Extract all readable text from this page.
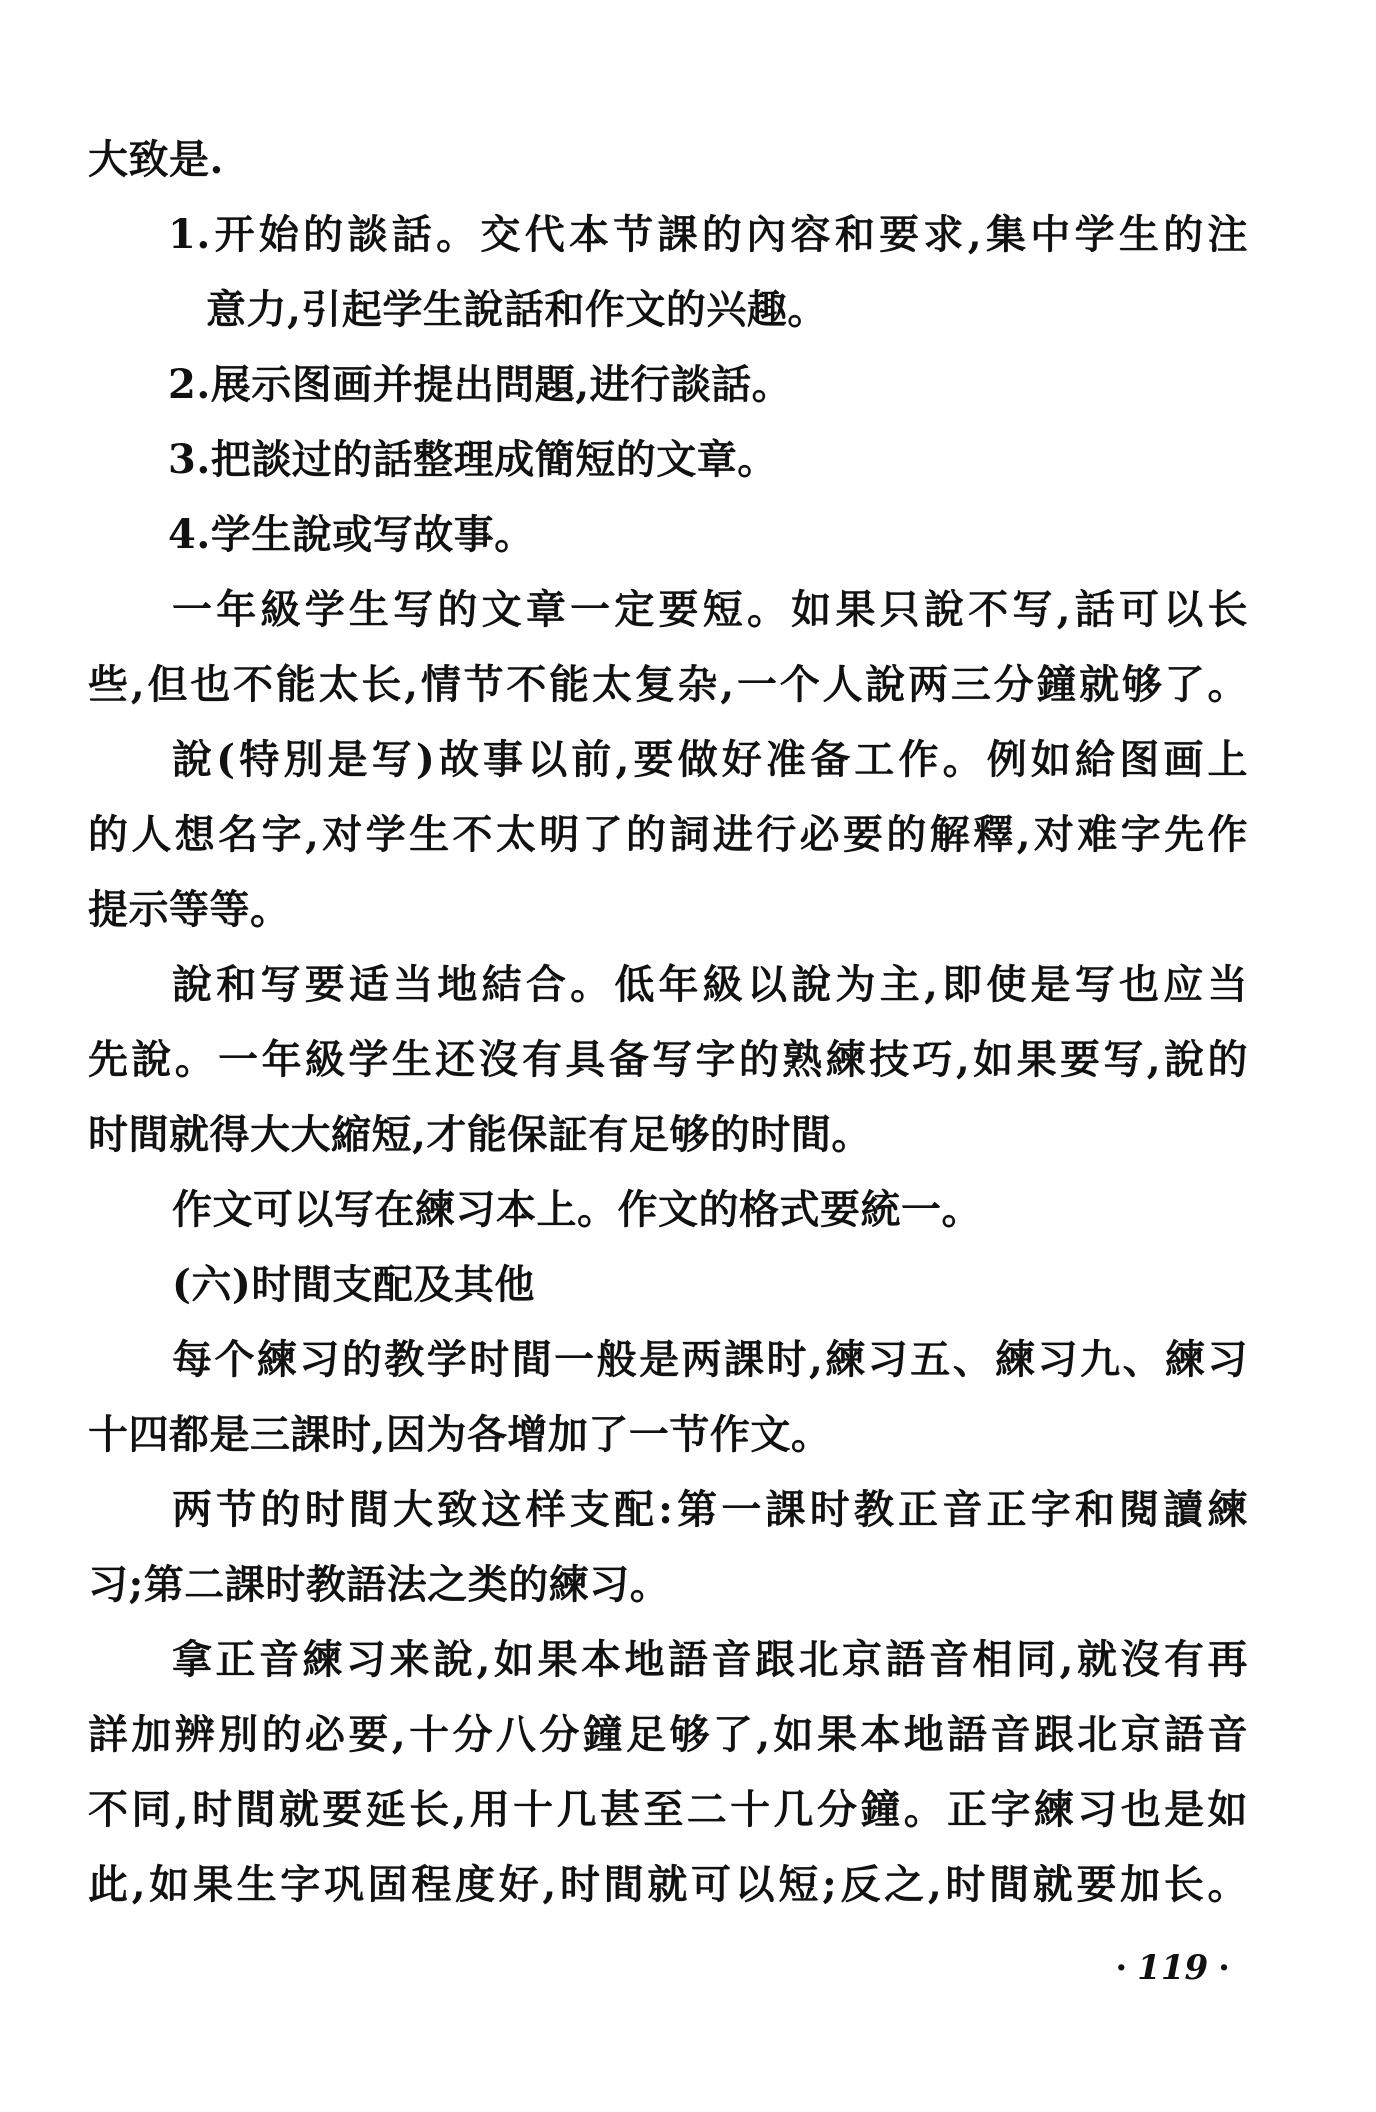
大致是.

1.开始的談話。交代本节課的內容和要求,集中学生的注

意力,引起学生說話和作文的兴趣。

2.展示图画并提出問題,进行談話。

3.把談过的話整理成簡短的文章。

4.学生說或写故事。

一年級学生写的文章一定要短。如果只說不写,話可以长

些,但也不能太长,情节不能太复杂,一个人說两三分鐘就够了。

說(特別是写)故事以前,要做好准备工作。例如給图画上

的人想名字,对学生不太明了的詞进行必要的解釋,对难字先作

提示等等。

說和写要适当地結合。低年級以說为主,即使是写也应当

先說。一年級学生还沒有具备写字的熟練技巧,如果要写,說的

时間就得大大縮短,才能保証有足够的时間。

作文可以写在練习本上。作文的格式要統一。

(六)时間支配及其他

每个練习的教学时間一般是两課时,練习五、練习九、練习

十四都是三課时,因为各增加了一节作文。

两节的时間大致这样支配:第一課时教正音正字和閱讀練

习;第二課时教語法之类的練习。

拿正音練习来說,如果本地語音跟北京語音相同,就沒有再

詳加辨別的必要,十分八分鐘足够了,如果本地語音跟北京語音

不同,时間就要延长,用十几甚至二十几分鐘。正字練习也是如

此,如果生字巩固程度好,时間就可以短;反之,时間就要加长。

· 119 ·
